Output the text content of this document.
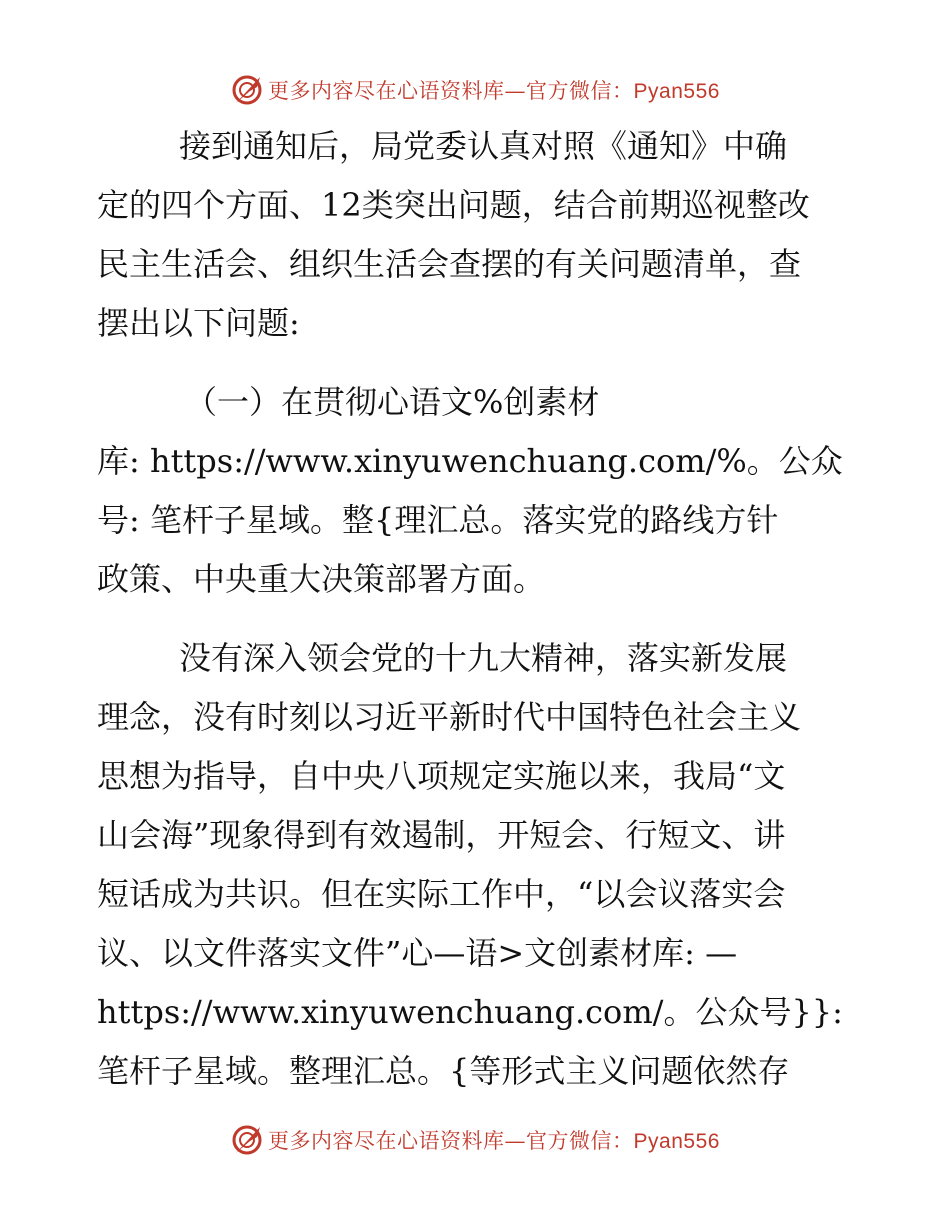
更多内容尽在心语资料库—官方微信：Pyan556
接到通知后，局党委认真对照《通知》中确
定的四个方面、12类突出问题，结合前期巡视整改
民主生活会、组织生活会查摆的有关问题清单，查
摆出以下问题:
（一）在贯彻心语文%创素材
库: https://www.xinyuwenchuang.com/%。公众
号: 笔杆子星域。整{理汇总。落实党的路线方针
政策、中央重大决策部署方面。
没有深入领会党的十九大精神，落实新发展
理念，没有时刻以习近平新时代中国特色社会主义
思想为指导，自中央八项规定实施以来，我局“文
山会海”现象得到有效遏制，开短会、行短文、讲
短话成为共识。但在实际工作中，“以会议落实会
议、以文件落实文件”心—语>文创素材库: —
https://www.xinyuwenchuang.com/。公众号}}:
笔杆子星域。整理汇总。{等形式主义问题依然存
更多内容尽在心语资料库—官方微信：Pyan556
